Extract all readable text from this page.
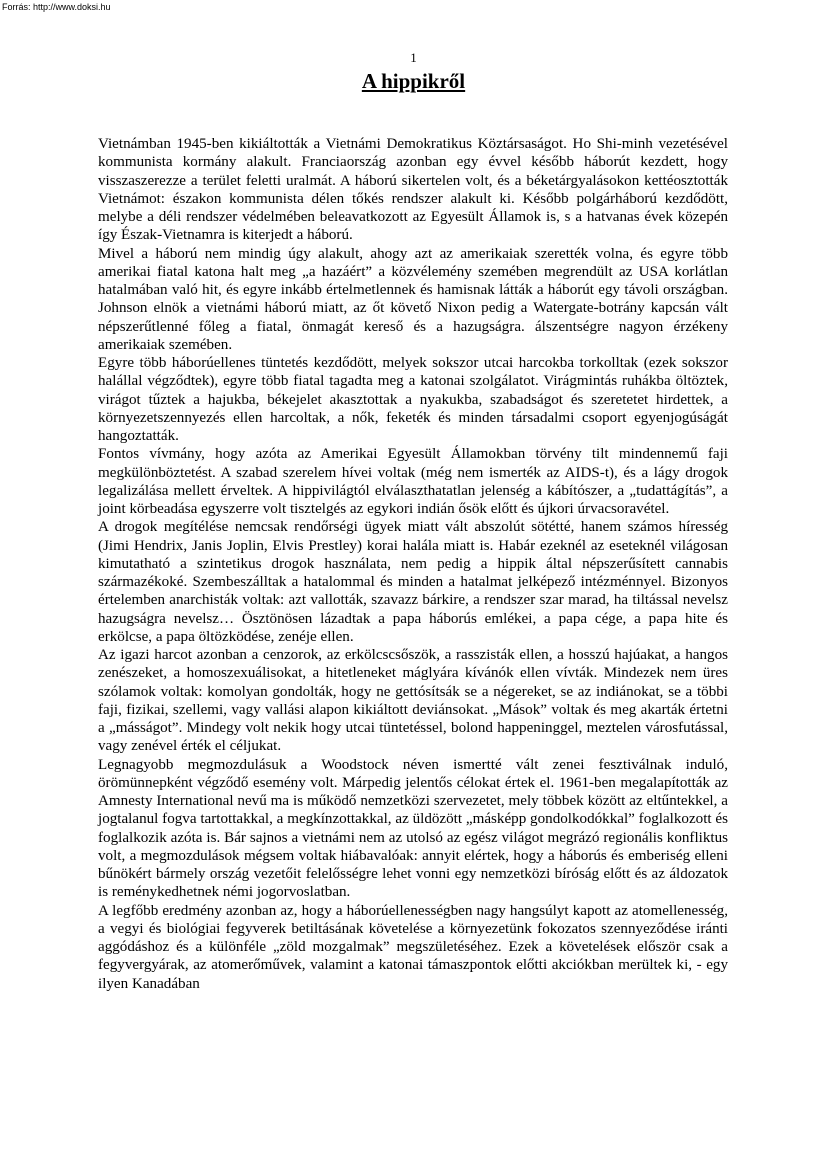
Forrás: http://www.doksi.hu
1
A hippikről

Vietnámban 1945-ben kikiáltották a Vietnámi Demokratikus Köztársaságot. Ho Shi-minh vezetésével kommunista kormány alakult. Franciaország azonban egy évvel később háborút kezdett, hogy visszaszerezze a terület feletti uralmát. A háború sikertelen volt, és a béketárgyalásokon kettéosztották Vietnámot: északon kommunista délen tőkés rendszer alakult ki. Később polgárháború kezdődött, melybe a déli rendszer védelmében beleavatkozott az Egyesült Államok is, s a hatvanas évek közepén így Észak-Vietnamra is kiterjedt a háború.

Mivel a háború nem mindig úgy alakult, ahogy azt az amerikaiak szerették volna, és egyre több amerikai fiatal katona halt meg „a hazáért” a közvélemény szemében megrendült az USA korlátlan hatalmában való hit, és egyre inkább értelmetlennek és hamisnak látták a háborút egy távoli országban. Johnson elnök a vietnámi háború miatt, az őt követő Nixon pedig a Watergate-botrány kapcsán vált népszerűtlenné főleg a fiatal, önmagát kereső és a hazugságra. álszentségre nagyon érzékeny amerikaiak szemében.

Egyre több háborúellenes tüntetés kezdődött, melyek sokszor utcai harcokba torkolltak (ezek sokszor halállal végződtek), egyre több fiatal tagadta meg a katonai szolgálatot. Virágmintás ruhákba öltöztek, virágot tűztek a hajukba, békejelet akasztottak a nyakukba, szabadságot és szeretetet hirdettek, a környezetszennyezés ellen harcoltak, a nők, feketék és minden társadalmi csoport egyenjogúságát hangoztatták.

Fontos vívmány, hogy azóta az Amerikai Egyesült Államokban törvény tilt mindennemű faji megkülönböztetést. A szabad szerelem hívei voltak (még nem ismerték az AIDS-t), és a lágy drogok legalizálása mellett érveltek. A hippivilágtól elválaszthatatlan jelenség a kábítószer, a „tudattágítás”, a joint körbeadása egyszerre volt tisztelgés az egykori indián ősök előtt és újkori úrvacsoravétel.

A drogok megítélése nemcsak rendőrségi ügyek miatt vált abszolút sötétté, hanem számos híresség (Jimi Hendrix, Janis Joplin, Elvis Prestley) korai halála miatt is. Habár ezeknél az eseteknél világosan kimutatható a szintetikus drogok használata, nem pedig a hippik által népszerűsített cannabis származékoké. Szembeszálltak a hatalommal és minden a hatalmat jelképező intézménnyel. Bizonyos értelemben anarchisták voltak: azt vallották, szavazz bárkire, a rendszer szar marad, ha tiltással nevelsz hazugságra nevelsz… Ösztönösen lázadtak a papa háborús emlékei, a papa cége, a papa hite és erkölcse, a papa öltözködése, zenéje ellen.

Az igazi harcot azonban a cenzorok, az erkölcscsőszök, a rasszisták ellen, a hosszú hajúakat, a hangos zenészeket, a homoszexuálisokat, a hitetleneket máglyára kívánók ellen vívták. Mindezek nem üres szólamok voltak: komolyan gondolták, hogy ne gettósítsák se a négereket, se az indiánokat, se a többi faji, fizikai, szellemi, vagy vallási alapon kikiáltott deviánsokat. „Mások” voltak és meg akarták értetni a „másságot”. Mindegy volt nekik hogy utcai tüntetéssel, bolond happeninggel, meztelen városfutással, vagy zenével érték el céljukat.

Legnagyobb megmozdulásuk a Woodstock néven ismertté vált zenei fesztiválnak induló, örömünnepként végződő esemény volt. Márpedig jelentős célokat értek el. 1961-ben megalapították az Amnesty International nevű ma is működő nemzetközi szervezetet, mely többek között az eltűntekkel, a jogtalanul fogva tartottakkal, a megkínzottakkal, az üldözött „másképp gondolkodókkal” foglalkozott és foglalkozik azóta is. Bár sajnos a vietnámi nem az utolsó az egész világot megrázó regionális konfliktus volt, a megmozdulások mégsem voltak hiábavalóak: annyit elértek, hogy a háborús és emberiség elleni bűnökért bármely ország vezetőit felelősségre lehet vonni egy nemzetközi bíróság előtt és az áldozatok is reménykedhetnek némi jogorvoslatban.

A legfőbb eredmény azonban az, hogy a háborúellenességben nagy hangsúlyt kapott az atomellenesség, a vegyi és biológiai fegyverek betiltásának követelése a környezetünk fokozatos szennyeződése iránti aggódáshoz és a különféle „zöld mozgalmak” megszületéséhez. Ezek a követelések először csak a fegyvergyárak, az atomerőművek, valamint a katonai támaszpontok előtti akciókban merültek ki, - egy ilyen Kanadában
